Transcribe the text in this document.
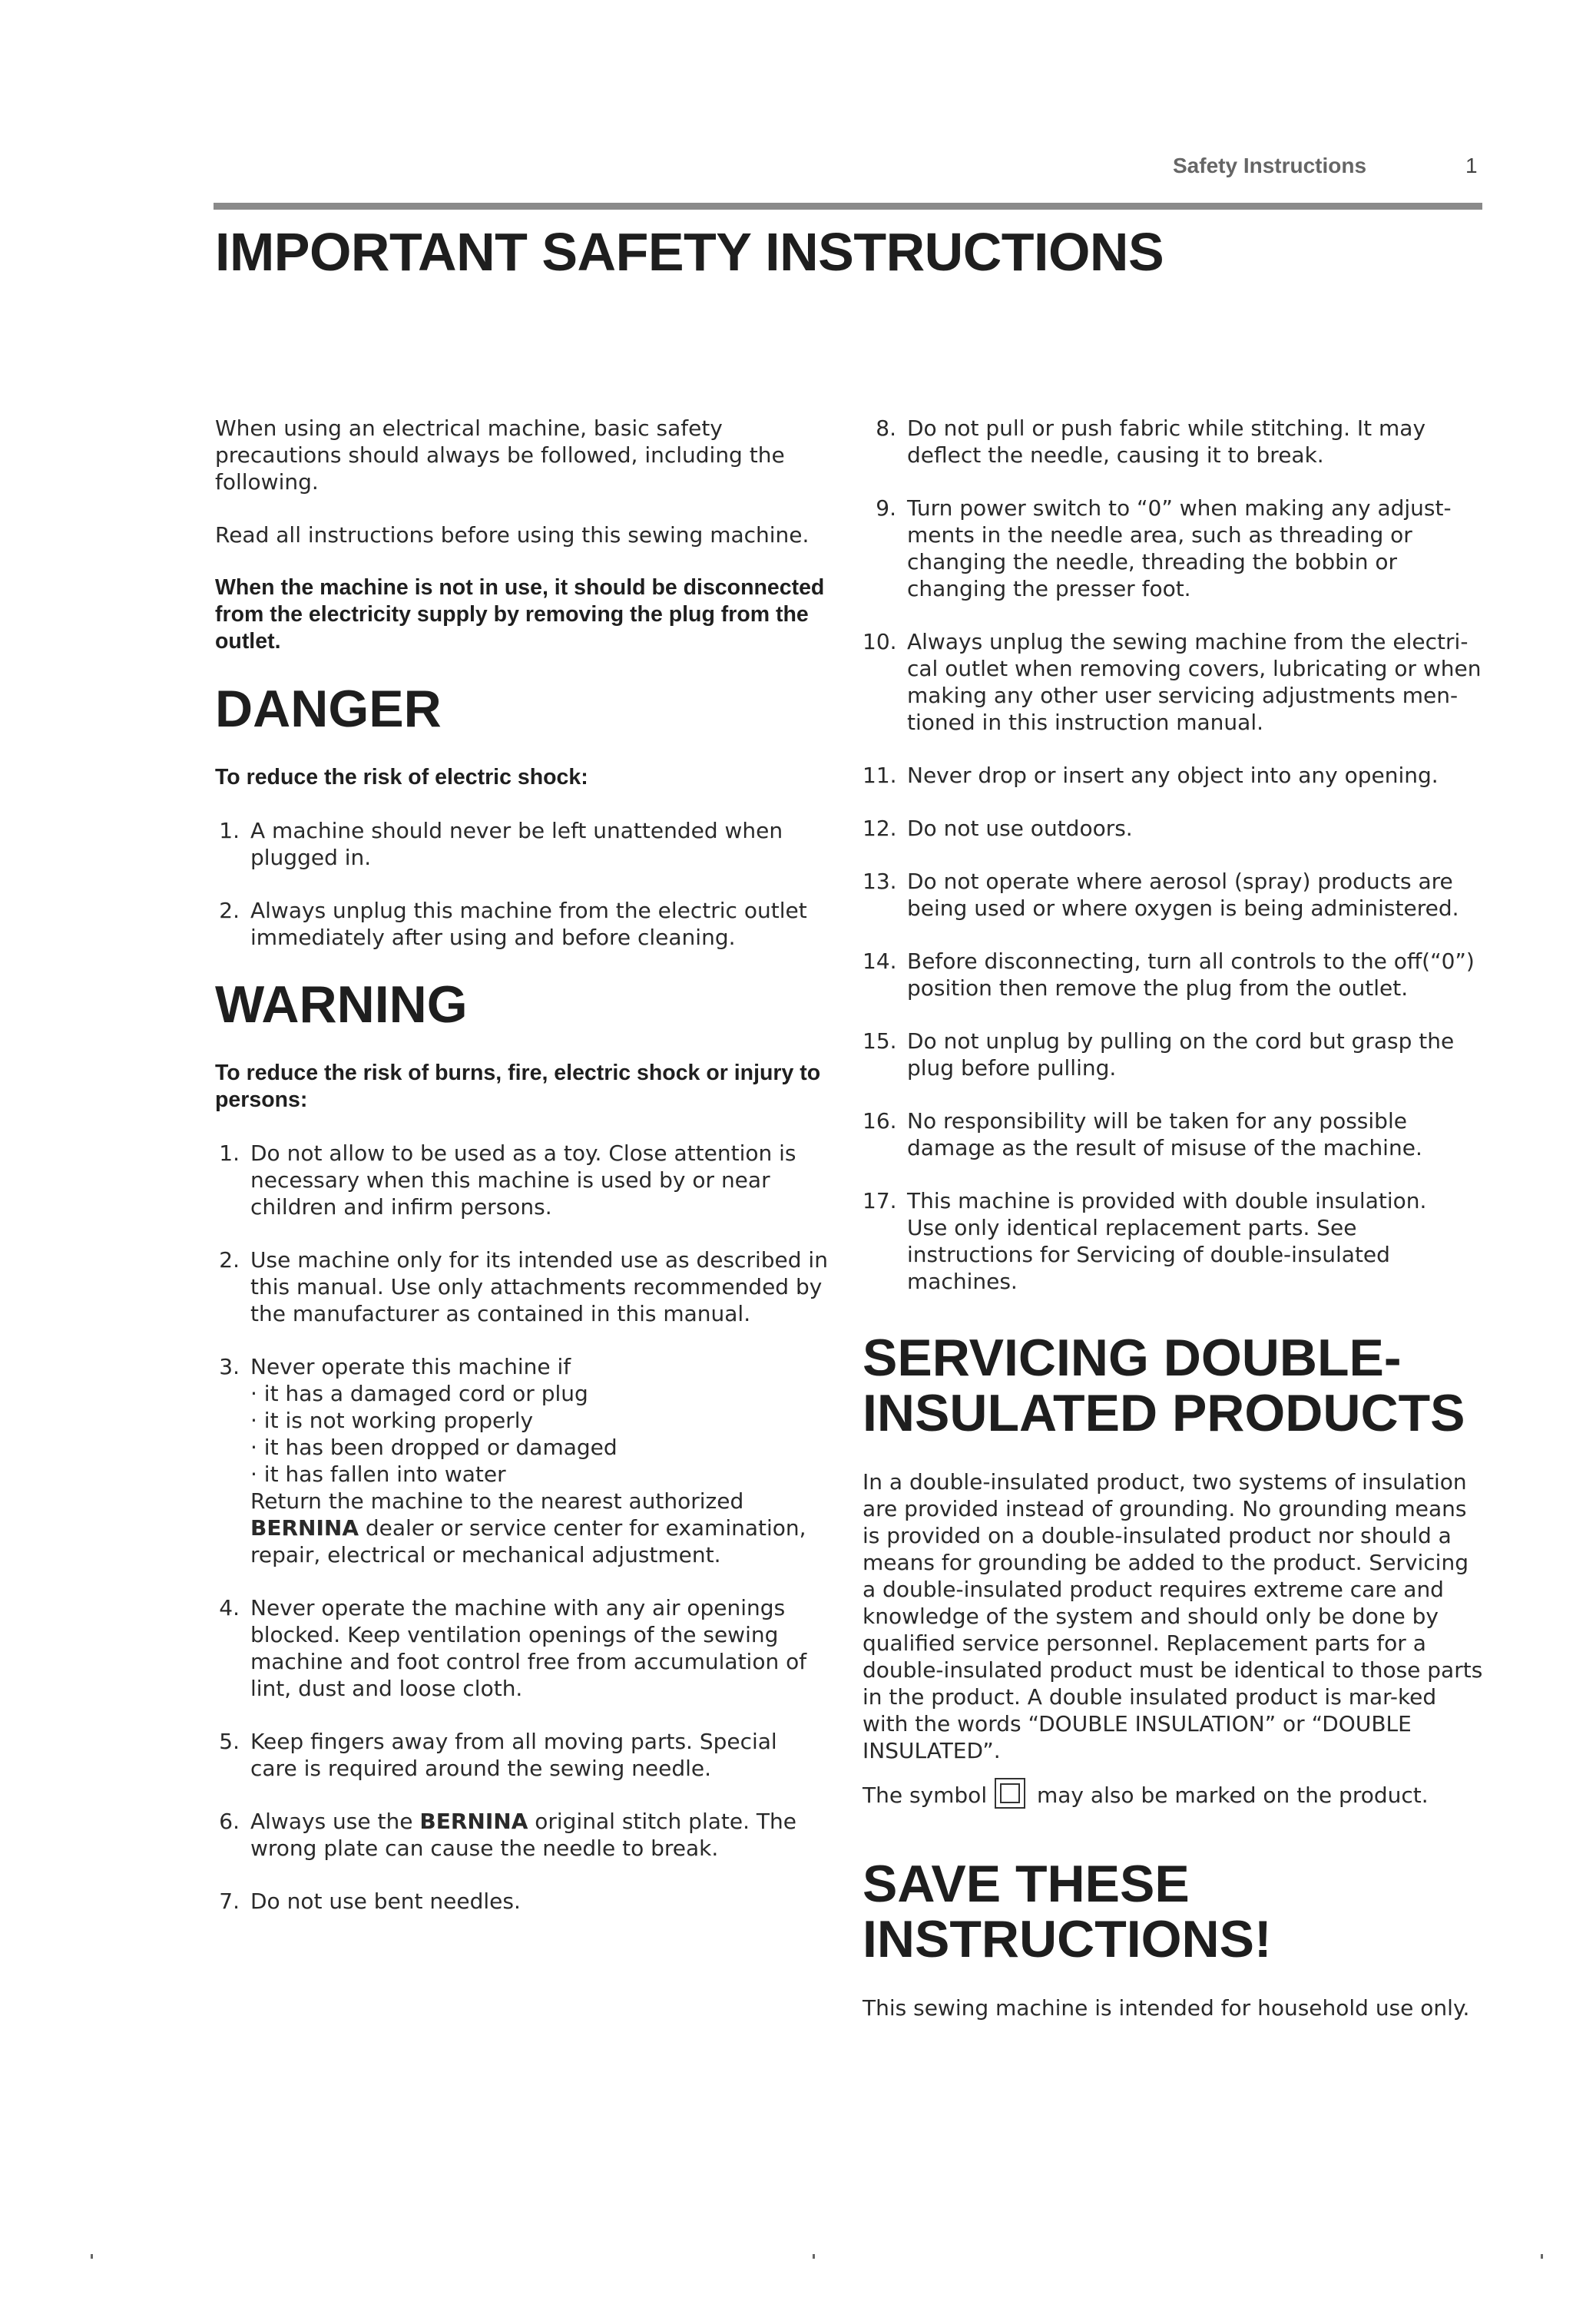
Safety Instructions	1
IMPORTANT SAFETY INSTRUCTIONS

When using an electrical machine, basic safety precautions should always be followed, including the following.

Read all instructions before using this sewing machine.

When the machine is not in use, it should be disconnected from the electricity supply by removing the plug from the outlet.

DANGER

To reduce the risk of electric shock:

1. A machine should never be left unattended when plugged in.
2. Always unplug this machine from the electric outlet immediately after using and before cleaning.
WARNING

To reduce the risk of burns, fire, electric shock or injury to persons:

1. Do not allow to be used as a toy. Close attention is necessary when this machine is used by or near children and infirm persons.
2. Use machine only for its intended use as described in this manual. Use only attachments recommended by the manufacturer as contained in this manual.
3. Never operate this machine if
· it has a damaged cord or plug
· it is not working properly
· it has been dropped or damaged
· it has fallen into water
Return the machine to the nearest authorized
BERNINA dealer or service center for examination, repair, electrical or mechanical adjustment.
4. Never operate the machine with any air openings blocked. Keep ventilation openings of the sewing machine and foot control free from accumulation of lint, dust and loose cloth.
5. Keep fingers away from all moving parts. Special care is required around the sewing needle.
6. Always use the BERNINA original stitch plate. The wrong plate can cause the needle to break.
7. Do not use bent needles.
8. Do not pull or push fabric while stitching. It may deflect the needle, causing it to break.
9. Turn power switch to “0” when making any adjust-ments in the needle area, such as threading or changing the needle, threading the bobbin or changing the presser foot.
10. Always unplug the sewing machine from the electri-cal outlet when removing covers, lubricating or when making any other user servicing adjustments men-tioned in this instruction manual.
11. Never drop or insert any object into any opening.
12. Do not use outdoors.
13. Do not operate where aerosol (spray) products are being used or where oxygen is being administered.
14. Before disconnecting, turn all controls to the off(“0”) position then remove the plug from the outlet.
15. Do not unplug by pulling on the cord but grasp the plug before pulling.
16. No responsibility will be taken for any possible damage as the result of misuse of the machine.
17. This machine is provided with double insulation.
Use only identical replacement parts. See instructions for Servicing of double-insulated machines.
SERVICING DOUBLE-
INSULATED PRODUCTS

In a double-insulated product, two systems of insulation are provided instead of grounding. No grounding means is provided on a double-insulated product nor should a means for grounding be added to the product. Servicing a double-insulated product requires extreme care and knowledge of the system and should only be done by qualified service personnel. Replacement parts for a double-insulated product must be identical to those parts in the product. A double insulated product is mar-ked with the words “DOUBLE INSULATION” or “DOUBLE INSULATED”.

The symbol may also be marked on the product.

SAVE THESE
INSTRUCTIONS!

This sewing machine is intended for household use only.
